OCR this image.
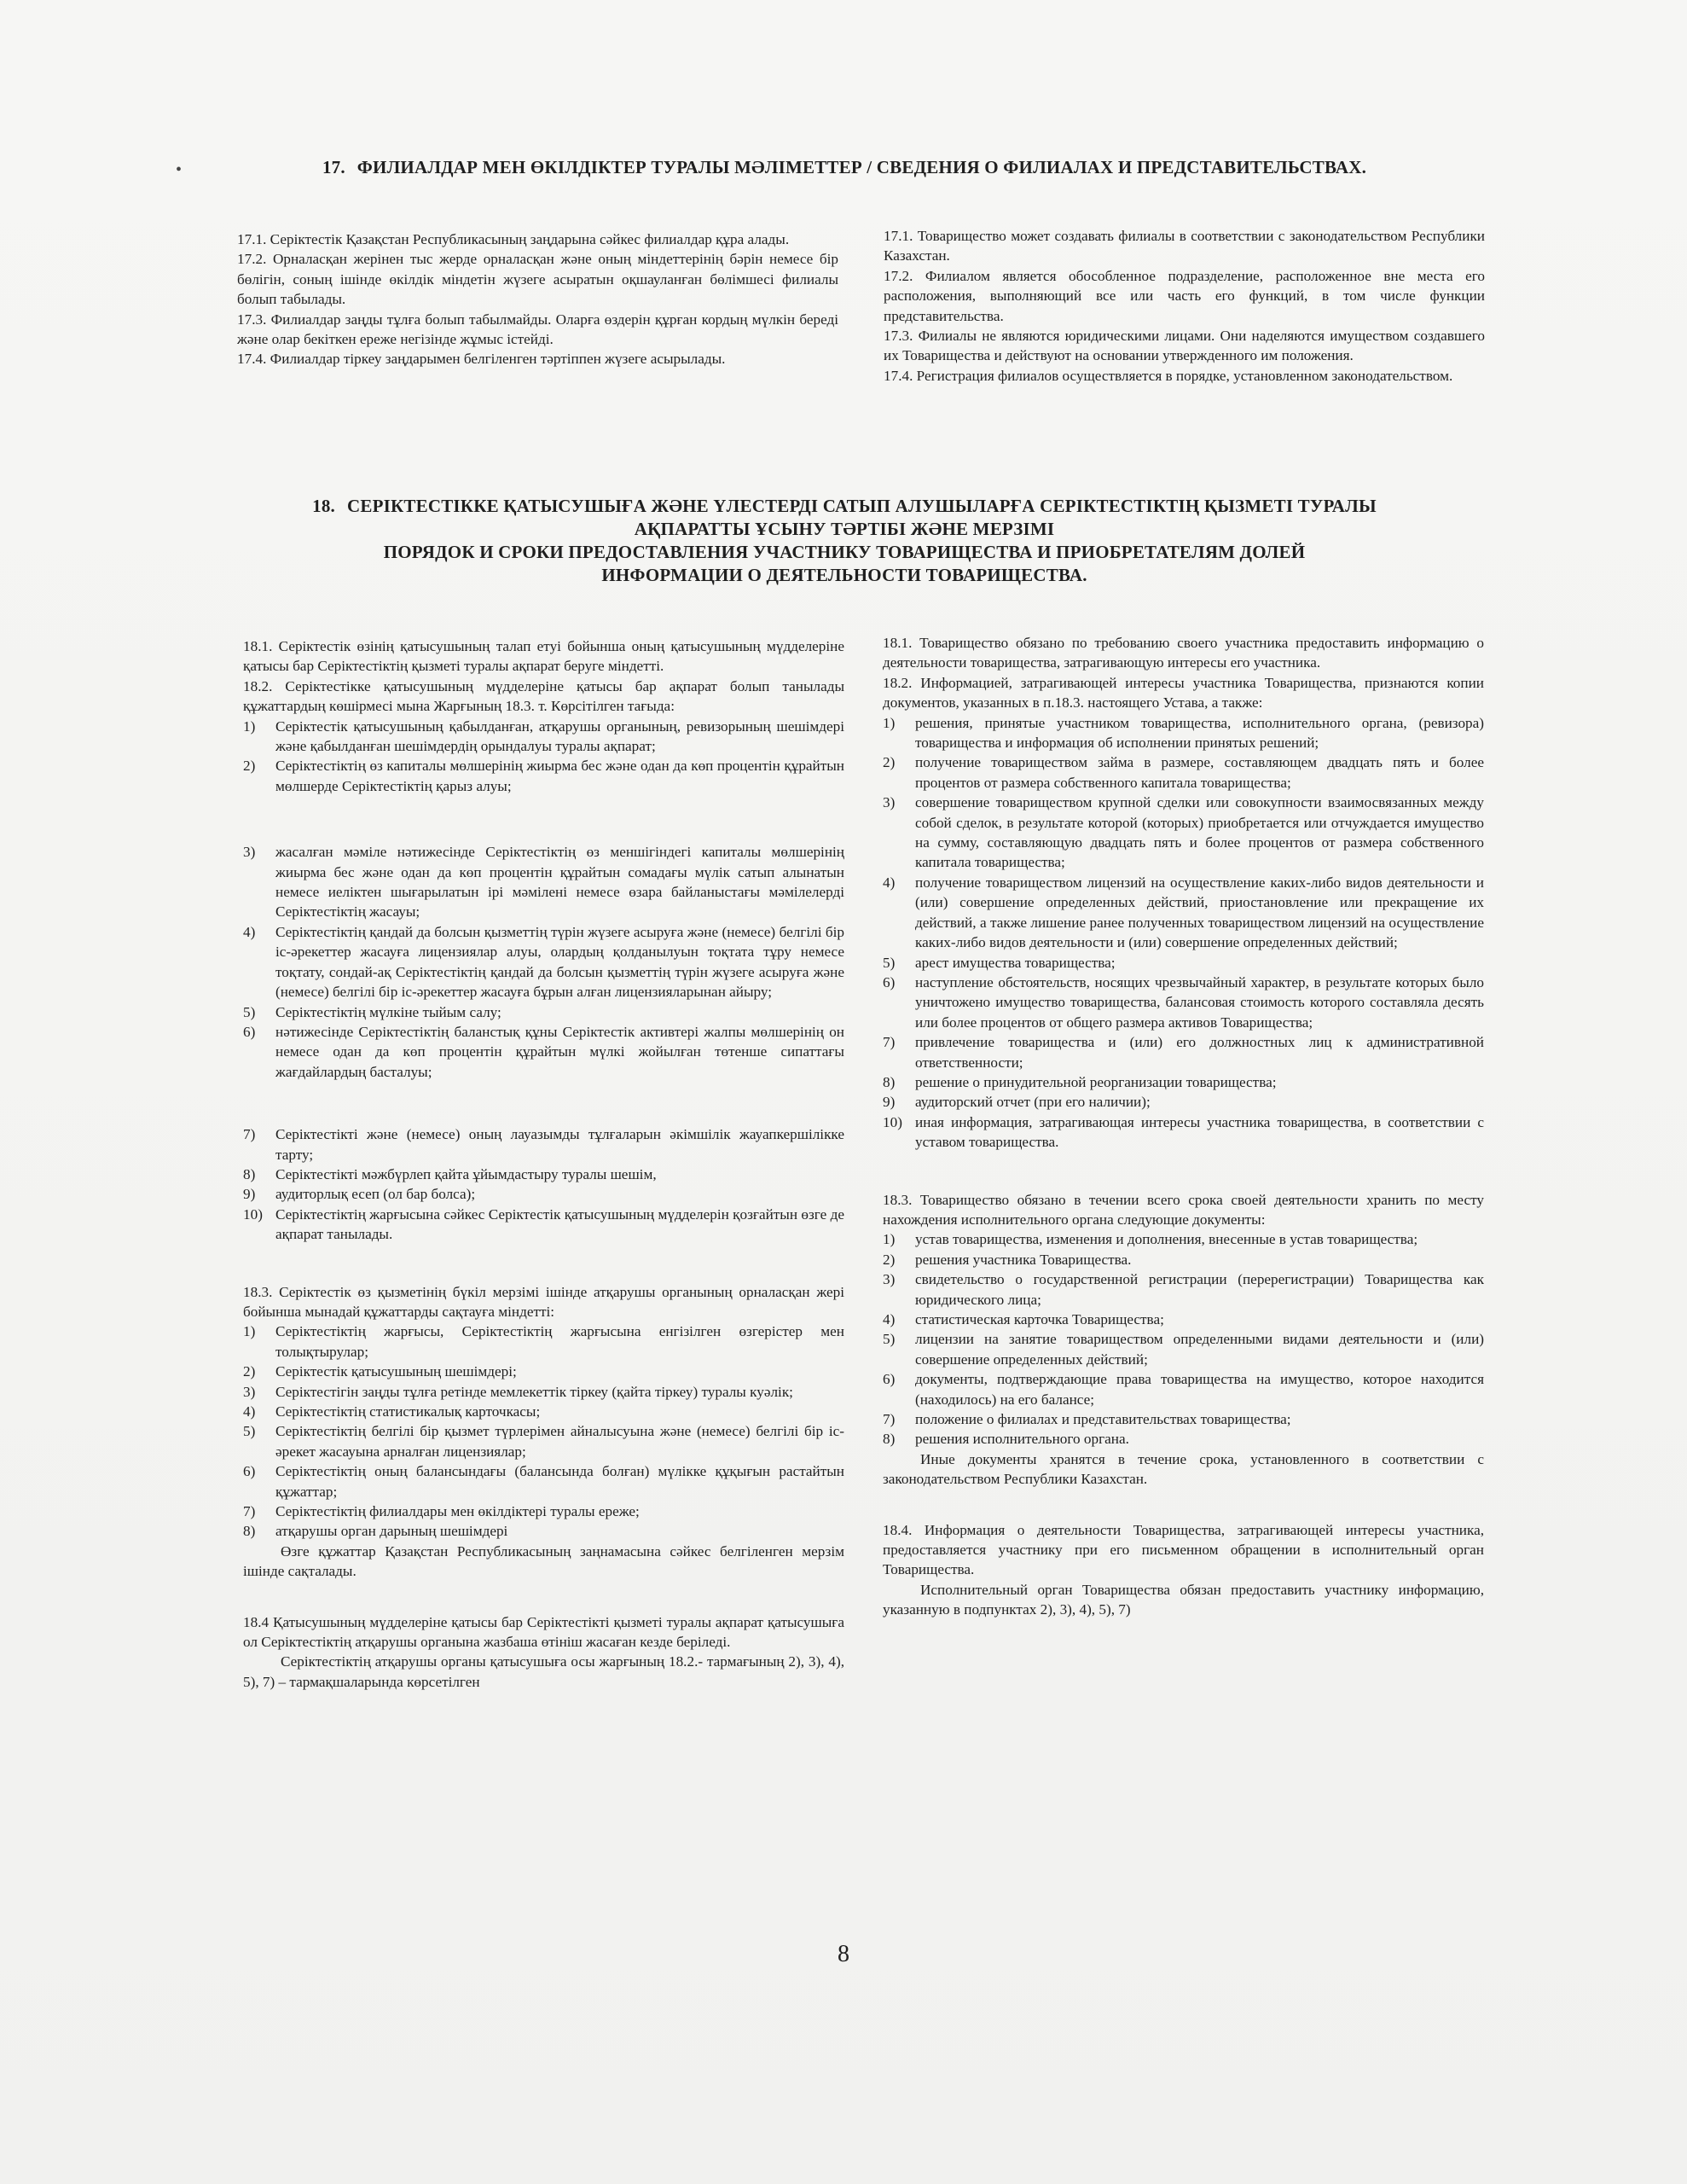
•	17. ФИЛИАЛДАР МЕН ӨКІЛДІКТЕР ТУРАЛЫ МӘЛІМЕТТЕР / СВЕДЕНИЯ О ФИЛИАЛАХ И ПРЕДСТАВИТЕЛЬСТВАХ.

17.1. Серіктестік Қазақстан Республикасының заңдарына сәйкес филиалдар құра алады.

17.2. Орналасқан жерінен тыс жерде орналасқан және оның міндеттерінің бәрін немесе бір бөлігін, соның ішінде өкілдік міндетін жүзеге асыратын оқшауланған бөлімшесі филиалы болып табылады.

17.3. Филиалдар заңды тұлға болып табылмайды. Оларға өздерін құрған кордың мүлкін береді және олар бекіткен ереже негізінде жұмыс істейді.

17.4. Филиалдар тіркеу заңдарымен белгіленген тәртіппен жүзеге асырылады.

17.1. Товарищество может создавать филиалы в соответствии с законодательством Республики Казахстан.

17.2. Филиалом является обособленное подразделение, расположенное вне места его расположения, выполняющий все или часть его функций, в том числе функции представительства.

17.3. Филиалы не являются юридическими лицами. Они наделяются имуществом создавшего их Товарищества и действуют на основании утвержденного им положения.

17.4. Регистрация филиалов осуществляется в порядке, установленном законодательством.

18. СЕРІКТЕСТІККЕ ҚАТЫСУШЫҒА ЖӘНЕ ҮЛЕСТЕРДІ САТЫП АЛУШЫЛАРҒА СЕРІКТЕСТІКТІҢ ҚЫЗМЕТІ ТУРАЛЫ
АҚПАРАТТЫ ҰСЫНУ ТӘРТІБІ ЖӘНЕ МЕРЗІМІ
ПОРЯДОК И СРОКИ ПРЕДОСТАВЛЕНИЯ УЧАСТНИКУ ТОВАРИЩЕСТВА И ПРИОБРЕТАТЕЛЯМ ДОЛЕЙ
ИНФОРМАЦИИ О ДЕЯТЕЛЬНОСТИ ТОВАРИЩЕСТВА.

18.1. Серіктестік өзінің қатысушының талап етуі бойынша оның қатысушының мүдделеріне қатысы бар Серіктестіктің қызметі туралы ақпарат беруге міндетті.

18.2. Серіктестікке қатысушының мүдделеріне қатысы бар ақпарат болып танылады құжаттардың көшірмесі мына Жарғының 18.3. т. Көрсітілген тағыда:

1)	Серіктестік қатысушының қабылданған, атқарушы органының, ревизорының шешімдері және қабылданған шешімдердің орындалуы туралы ақпарат;
2)	Серіктестіктің өз капиталы мөлшерінің жиырма бес және одан да көп процентін құрайтын мөлшерде Серіктестіктің қарыз алуы;
3)	жасалған мәміле нәтижесінде Серіктестіктің өз меншігіндегі капиталы мөлшерінің жиырма бес және одан да көп процентін құрайтын сомадағы мүлік сатып алынатын немесе иеліктен шығарылатын ірі мәмілені немесе өзара байланыстағы мәмілелерді Серіктестіктің жасауы;
4)	Серіктестіктің қандай да болсын қызметтің түрін жүзеге асыруға және (немесе) белгілі бір іс-әрекеттер жасауға лицензиялар алуы, олардың қолданылуын тоқтата тұру немесе тоқтату, сондай-ақ Серіктестіктің қандай да болсын қызметтің түрін жүзеге асыруға және (немесе) белгілі бір іс-әрекеттер жасауға бұрын алған лицензияларынан айыру;
5)	Серіктестіктің мүлкіне тыйым салу;
6)	нәтижесінде Серіктестіктің баланстық құны Серіктестік активтері жалпы мөлшерінің он немесе одан да көп процентін құрайтын мүлкі жойылған төтенше сипаттағы жағдайлардың басталуы;
7)	Серіктестікті және (немесе) оның лауазымды тұлғаларын әкімшілік жауапкершілікке тарту;
8)	Серіктестікті мәжбүрлеп қайта ұйымдастыру туралы шешім,
9)	аудиторлық есеп (ол бар болса);
10) Серіктестіктің жарғысына сәйкес Серіктестік қатысушының мүдделерін қозғайтын өзге де ақпарат танылады.

18.3. Серіктестік өз қызметінің бүкіл мерзімі ішінде атқарушы органының орналасқан жері бойынша мынадай құжаттарды сақтауға міндетті:

1)	Серіктестіктің жарғысы, Серіктестіктің жарғысына енгізілген өзгерістер мен толықтырулар;
2)	Серіктестік қатысушының шешімдері;
3)	Серіктестігін заңды тұлға ретінде мемлекеттік тіркеу (қайта тіркеу) туралы куәлік;
4)	Серіктестіктің статистикалық карточкасы;
5)	Серіктестіктің белгілі бір қызмет түрлерімен айналысуына және (немесе) белгілі бір іс-әрекет жасауына арналған лицензиялар;
6)	Серіктестіктің оның балансындағы (балансында болған) мүлікке құқығын растайтын құжаттар;
7)	Серіктестіктің филиалдары мен өкілдіктері туралы ереже;
8)	атқарушы орган дарының шешімдері

Өзге құжаттар Қазақстан Республикасының заңнамасына сәйкес белгіленген мерзім ішінде сақталады.

18.4 Қатысушының мүдделеріне қатысы бар Серіктестікті қызметі туралы ақпарат қатысушыға ол Серіктестіктің атқарушы органына жазбаша өтініш жасаған кезде беріледі.

Серіктестіктің атқарушы органы қатысушыға осы жарғының 18.2.- тармағының 2), 3), 4), 5), 7) – тармақшаларында көрсетілген

18.1. Товарищество обязано по требованию своего участника предоставить информацию о деятельности товарищества, затрагивающую интересы его участника.

18.2. Информацией, затрагивающей интересы участника Товарищества, признаются копии документов, указанных в п.18.3. настоящего Устава, а также:

1)	решения, принятые участником товарищества, исполнительного органа, (ревизора) товарищества и информация об исполнении принятых решений;
2)	получение товариществом займа в размере, составляющем двадцать пять и более процентов от размера собственного капитала товарищества;
3)	совершение товариществом крупной сделки или совокупности взаимосвязанных между собой сделок, в результате которой (которых) приобретается или отчуждается имущество на сумму, составляющую двадцать пять и более процентов от размера собственного капитала товарищества;
4)	получение товариществом лицензий на осуществление каких-либо видов деятельности и (или) совершение определенных действий, приостановление или прекращение их действий, а также лишение ранее полученных товариществом лицензий на осуществление каких-либо видов деятельности и (или) совершение определенных действий;
5)	арест имущества товарищества;
6)	наступление обстоятельств, носящих чрезвычайный характер, в результате которых было уничтожено имущество товарищества, балансовая стоимость которого составляла десять или более процентов от общего размера активов Товарищества;
7)	привлечение товарищества и (или) его должностных лиц к административной ответственности;
8)	решение о принудительной реорганизации товарищества;
9)	аудиторский отчет (при его наличии);
10) иная информация, затрагивающая интересы участника товарищества, в соответствии с уставом товарищества.

18.3. Товарищество обязано в течении всего срока своей деятельности хранить по месту нахождения исполнительного органа следующие документы:

1)	устав товарищества, изменения и дополнения, внесенные в устав товарищества;
2)	решения участника Товарищества.
3)	свидетельство о государственной регистрации (перерегистрации) Товарищества как юридического лица;
4)	статистическая карточка Товарищества;
5)	лицензии на занятие товариществом определенными видами деятельности и (или) совершение определенных действий;
6)	документы, подтверждающие права товарищества на имущество, которое находится (находилось) на его балансе;
7)	положение о филиалах и представительствах товарищества;
8)	решения исполнительного органа.

Иные документы хранятся в течение срока, установленного в соответствии с законодательством Республики Казахстан.

18.4. Информация о деятельности Товарищества, затрагивающей интересы участника, предоставляется участнику при его письменном обращении в исполнительный орган Товарищества.

Исполнительный орган Товарищества обязан предоставить участнику информацию, указанную в подпунктах 2), 3), 4), 5), 7)

8
